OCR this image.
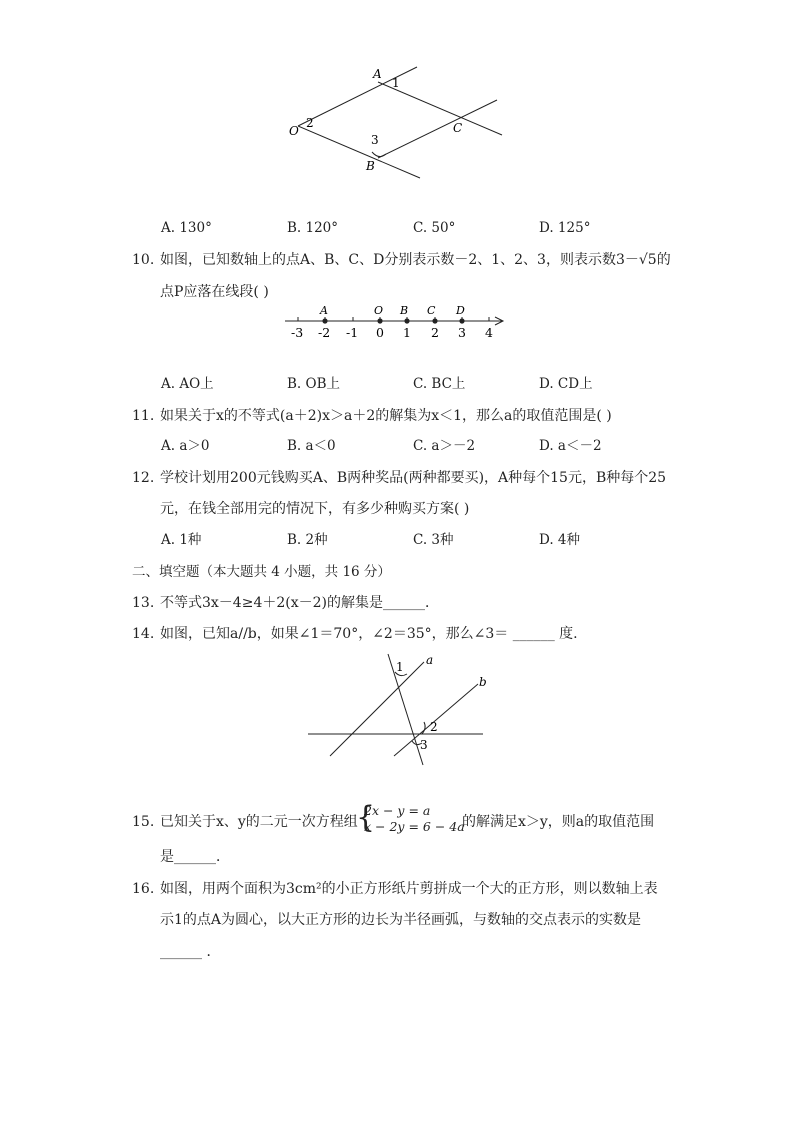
A
1
O
2
3
C
B
A. 130°	B. 120°	C. 50°	D. 125°
10. 如图，已知数轴上的点A、B、C、D分别表示数－2、1、2、3，则表示数3－√5的
点P应落在线段( )
A	O B C D
-3 -2 -1 0 1 2 3 4
A. AO上	B. OB上	C. BC上	D. CD上
11. 如果关于x的不等式(a＋2)x＞a＋2的解集为x＜1，那么a的取值范围是( )
A. a＞0	B. a＜0	C. a＞－2	D. a＜－2
12. 学校计划用200元钱购买A、B两种奖品(两种都要买)，A种每个15元，B种每个25
元，在钱全部用完的情况下，有多少种购买方案( )
A. 1种	B. 2种	C. 3种	D. 4种
二、填空题（本大题共 4 小题，共 16 分）
13. 不等式3x－4≥4＋2(x－2)的解集是______．
14. 如图，已知a//b，如果∠1＝70°，∠2＝35°，那么∠3＝ ______ 度.
a
b
1
2
3
15. 已知关于x、y的二元一次方程组
{
2x − y = a
x − 2y = 6 − 4a
的解满足x＞y，则a的取值范围
是______．
16. 如图，用两个面积为3cm²的小正方形纸片剪拼成一个大的正方形，则以数轴上表
示1的点A为圆心，以大正方形的边长为半径画弧，与数轴的交点表示的实数是
______ ．
